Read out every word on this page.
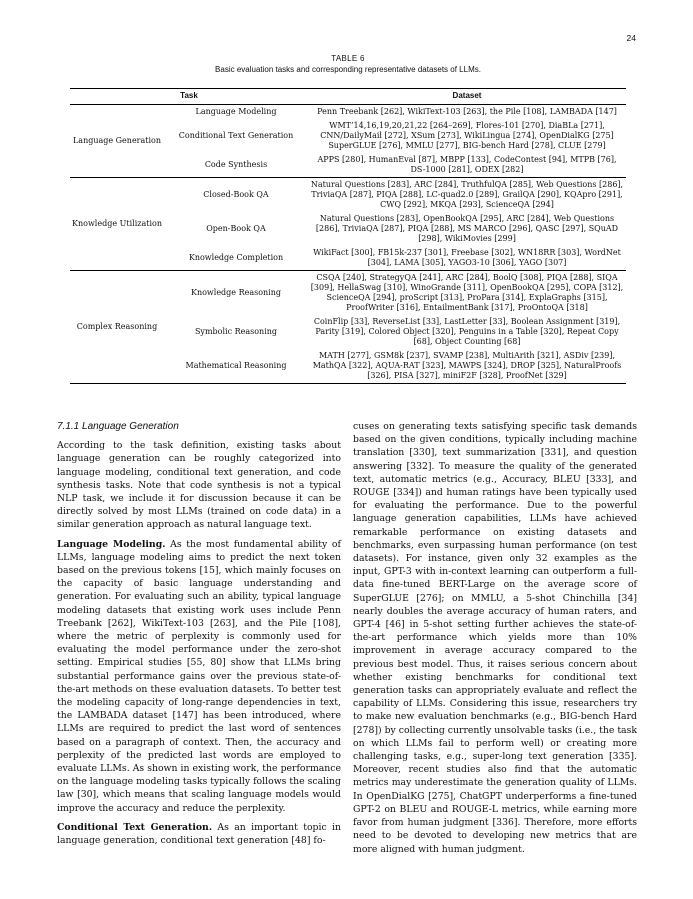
24
TABLE 6
Basic evaluation tasks and corresponding representative datasets of LLMs.
Task		Dataset
Language Generation	Language Modeling	Penn Treebank [262], WikiText-103 [263], the Pile [108], LAMBADA [147]
	Conditional Text Generation	WMT’14,16,19,20,21,22 [264–269], Flores-101 [270], DiaBLa [271], CNN/DailyMail [272], XSum [273], WikiLingua [274], OpenDialKG [275] SuperGLUE [276], MMLU [277], BIG-bench Hard [278], CLUE [279]
	Code Synthesis	APPS [280], HumanEval [87], MBPP [133], CodeContest [94], MTPB [76], DS-1000 [281], ODEX [282]
Knowledge Utilization	Closed-Book QA	Natural Questions [283], ARC [284], TruthfulQA [285], Web Questions [286], TriviaQA [287], PIQA [288], LC-quad2.0 [289], GrailQA [290], KQApro [291], CWQ [292], MKQA [293], ScienceQA [294]
	Open-Book QA	Natural Questions [283], OpenBookQA [295], ARC [284], Web Questions [286], TriviaQA [287], PIQA [288], MS MARCO [296], QASC [297], SQuAD [298], WikiMovies [299]
	Knowledge Completion	WikiFact [300], FB15k-237 [301], Freebase [302], WN18RR [303], WordNet [304], LAMA [305], YAGO3-10 [306], YAGO [307]
Complex Reasoning	Knowledge Reasoning	CSQA [240], StrategyQA [241], ARC [284], BoolQ [308], PIQA [288], SIQA [309], HellaSwag [310], WinoGrande [311], OpenBookQA [295], COPA [312], ScienceQA [294], proScript [313], ProPara [314], ExplaGraphs [315], ProofWriter [316], EntailmentBank [317], ProOntoQA [318]
	Symbolic Reasoning	CoinFlip [33], ReverseList [33], LastLetter [33], Boolean Assignment [319], Parity [319], Colored Object [320], Penguins in a Table [320], Repeat Copy [68], Object Counting [68]
	Mathematical Reasoning	MATH [277], GSM8k [237], SVAMP [238], MultiArith [321], ASDiv [239], MathQA [322], AQUA-RAT [323], MAWPS [324], DROP [325], NaturalProofs [326], PISA [327], miniF2F [328], ProofNet [329]
7.1.1 Language Generation

According to the task definition, existing tasks about language generation can be roughly categorized into language modeling, conditional text generation, and code synthesis tasks. Note that code synthesis is not a typical NLP task, we include it for discussion because it can be directly solved by most LLMs (trained on code data) in a similar generation approach as natural language text.

Language Modeling. As the most fundamental ability of LLMs, language modeling aims to predict the next token based on the previous tokens [15], which mainly focuses on the capacity of basic language understanding and generation. For evaluating such an ability, typical language modeling datasets that existing work uses include Penn Treebank [262], WikiText-103 [263], and the Pile [108], where the metric of perplexity is commonly used for evaluating the model performance under the zero-shot setting. Empirical studies [55, 80] show that LLMs bring substantial performance gains over the previous state-of-the-art methods on these evaluation datasets. To better test the modeling capacity of long-range dependencies in text, the LAMBADA dataset [147] has been introduced, where LLMs are required to predict the last word of sentences based on a paragraph of context. Then, the accuracy and perplexity of the predicted last words are employed to evaluate LLMs. As shown in existing work, the performance on the language modeling tasks typically follows the scaling law [30], which means that scaling language models would improve the accuracy and reduce the perplexity.

Conditional Text Generation. As an important topic in language generation, conditional text generation [48] fo-

cuses on generating texts satisfying specific task demands based on the given conditions, typically including machine translation [330], text summarization [331], and question answering [332]. To measure the quality of the generated text, automatic metrics (e.g., Accuracy, BLEU [333], and ROUGE [334]) and human ratings have been typically used for evaluating the performance. Due to the powerful language generation capabilities, LLMs have achieved remarkable performance on existing datasets and benchmarks, even surpassing human performance (on test datasets). For instance, given only 32 examples as the input, GPT-3 with in-context learning can outperform a full-data fine-tuned BERT-Large on the average score of SuperGLUE [276]; on MMLU, a 5-shot Chinchilla [34] nearly doubles the average accuracy of human raters, and GPT-4 [46] in 5-shot setting further achieves the state-of-the-art performance which yields more than 10% improvement in average accuracy compared to the previous best model. Thus, it raises serious concern about whether existing benchmarks for conditional text generation tasks can appropriately evaluate and reflect the capability of LLMs. Considering this issue, researchers try to make new evaluation benchmarks (e.g., BIG-bench Hard [278]) by collecting currently unsolvable tasks (i.e., the task on which LLMs fail to perform well) or creating more challenging tasks, e.g., super-long text generation [335]. Moreover, recent studies also find that the automatic metrics may underestimate the generation quality of LLMs. In OpenDialKG [275], ChatGPT underperforms a fine-tuned GPT-2 on BLEU and ROUGE-L metrics, while earning more favor from human judgment [336]. Therefore, more efforts need to be devoted to developing new metrics that are more aligned with human judgment.
